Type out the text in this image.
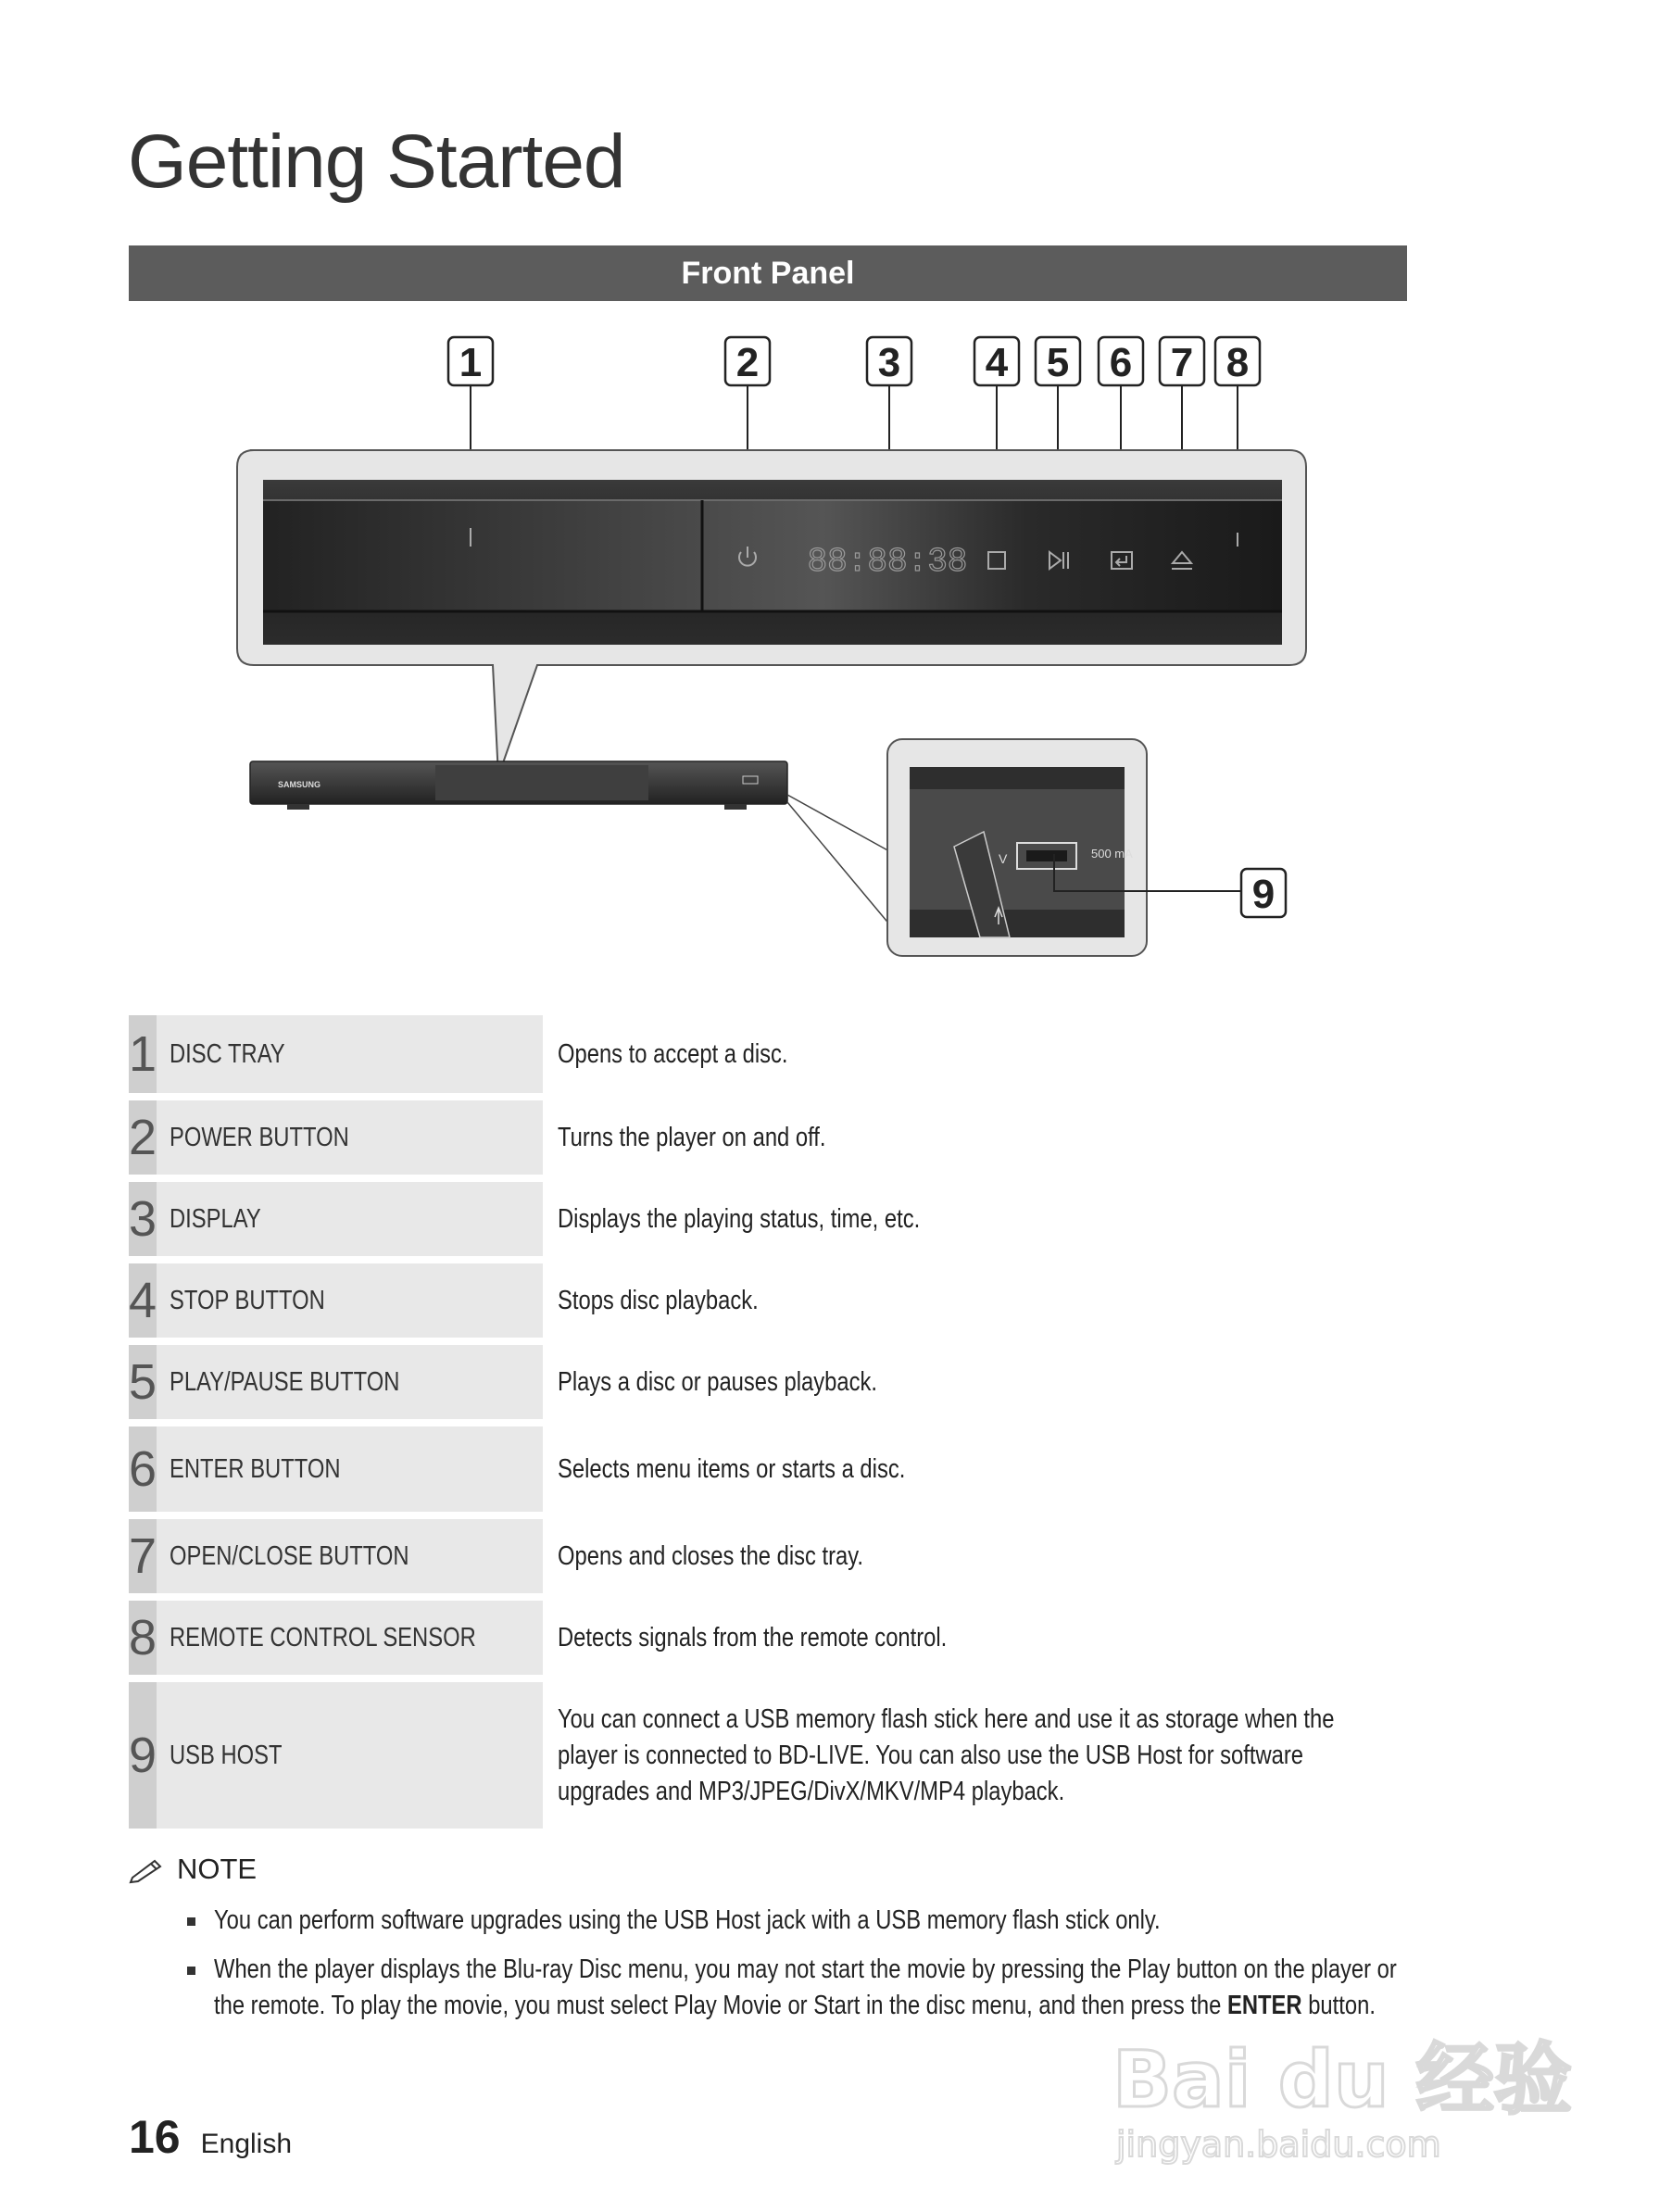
Getting Started
Front Panel
1	2	3 4 5 6 7 8
88:88:38
SAMSUNG
V	500 mA
9
1	DISC TRAY	Opens to accept a disc.
2	POWER BUTTON	Turns the player on and off.
3	DISPLAY	Displays the playing status, time, etc.
4	STOP BUTTON	Stops disc playback.
5	PLAY/PAUSE BUTTON	Plays a disc or pauses playback.
6	ENTER BUTTON	Selects menu items or starts a disc.
7	OPEN/CLOSE BUTTON	Opens and closes the disc tray.
8	REMOTE CONTROL SENSOR	Detects signals from the remote control.
9	USB HOST	You can connect a USB memory flash stick here and use it as storage when the player is connected to BD-LIVE. You can also use the USB Host for software upgrades and MP3/JPEG/DivX/MKV/MP4 playback.
NOTE
You can perform software upgrades using the USB Host jack with a USB memory flash stick only.
When the player displays the Blu-ray Disc menu, you may not start the movie by pressing the Play button on the player or the remote. To play the movie, you must select Play Movie or Start in the disc menu, and then press the ENTER button.
16 English
Bai du 经验
jingyan.baidu.com
